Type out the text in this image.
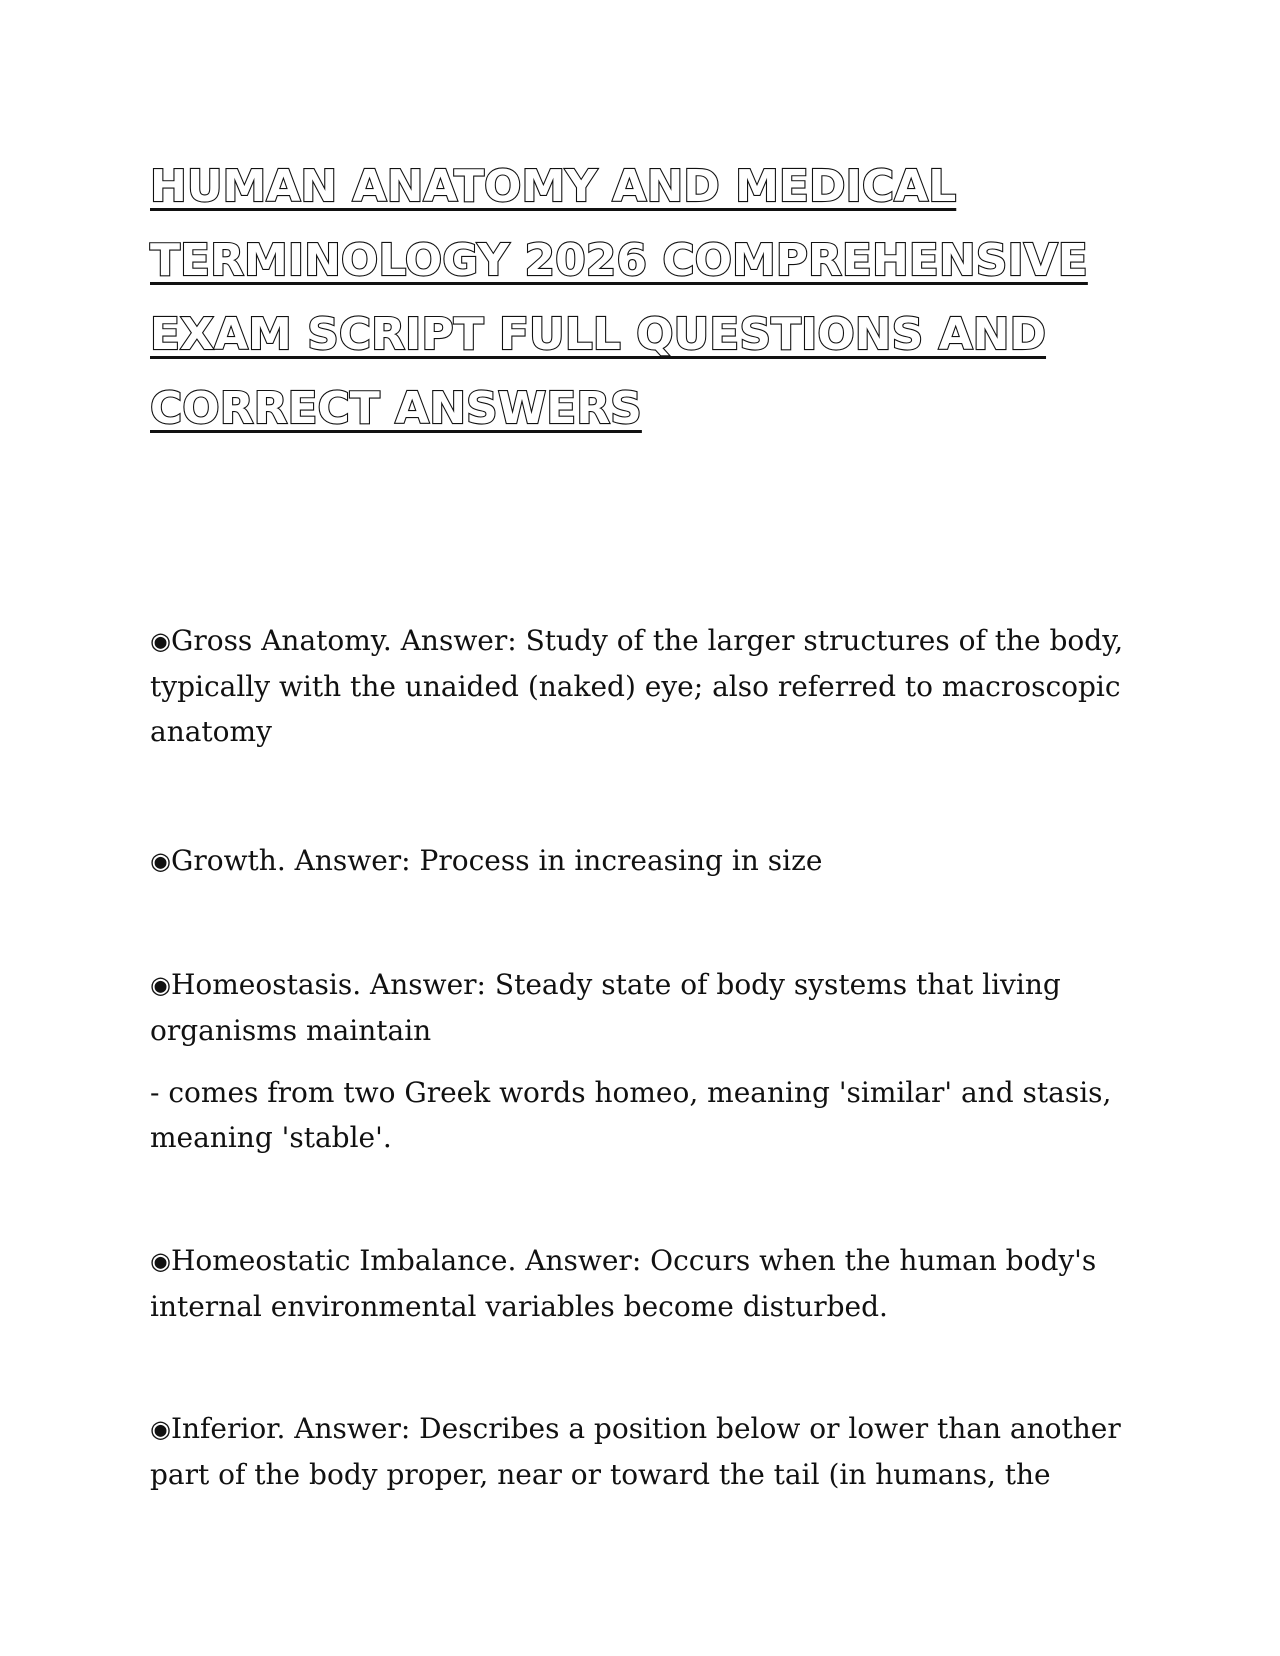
HUMAN ANATOMY AND MEDICAL
TERMINOLOGY 2026 COMPREHENSIVE
EXAM SCRIPT FULL QUESTIONS AND
CORRECT ANSWERS

◉Gross Anatomy. Answer: Study of the larger structures of the body, typically with the unaided (naked) eye; also referred to macroscopic anatomy

◉Growth. Answer: Process in increasing in size

◉Homeostasis. Answer: Steady state of body systems that living organisms maintain

- comes from two Greek words homeo, meaning 'similar' and stasis, meaning 'stable'.

◉Homeostatic Imbalance. Answer: Occurs when the human body's internal environmental variables become disturbed.

◉Inferior. Answer: Describes a position below or lower than another part of the body proper, near or toward the tail (in humans, the
